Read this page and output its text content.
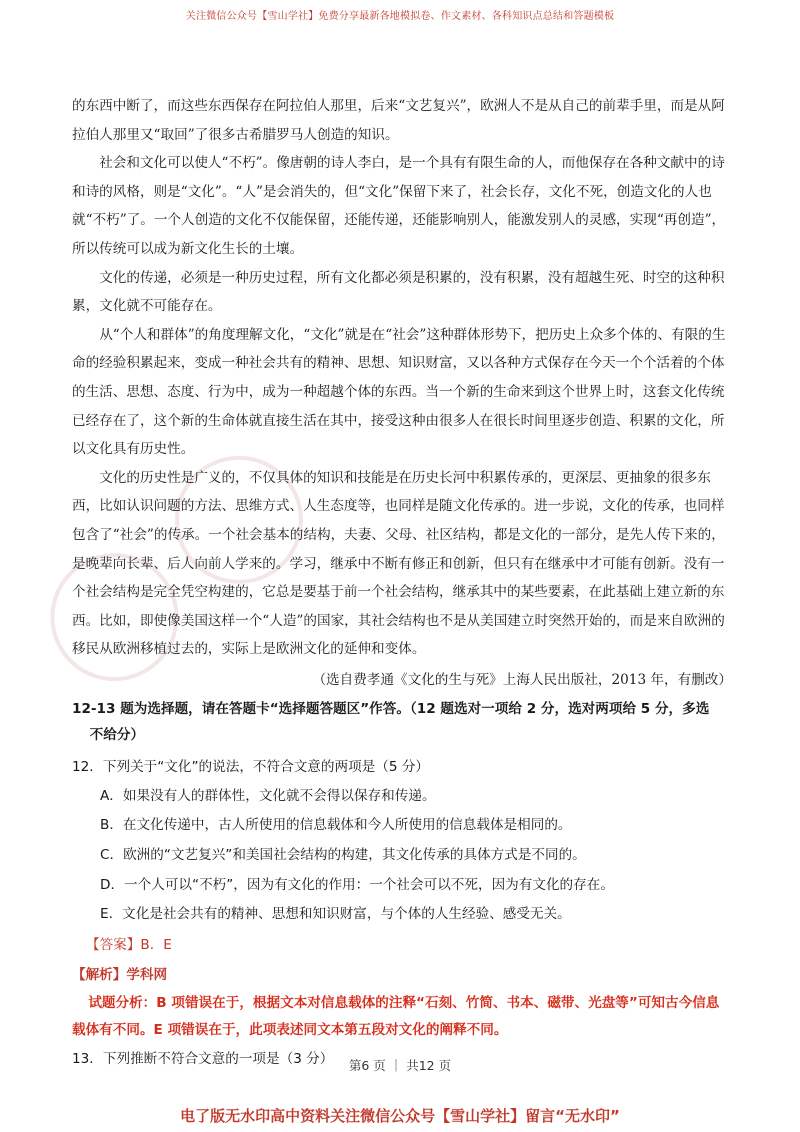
关注微信公众号【雪山学社】免费分享最新各地模拟卷、作文素材、各科知识点总结和答题模板

的东西中断了，而这些东西保存在阿拉伯人那里，后来“文艺复兴”，欧洲人不是从自己的前辈手里，而是从阿拉伯人那里又“取回”了很多古希腊罗马人创造的知识。

社会和文化可以使人“不朽”。像唐朝的诗人李白，是一个具有有限生命的人，而他保存在各种文献中的诗和诗的风格，则是“文化”。“人”是会消失的，但“文化”保留下来了，社会长存，文化不死，创造文化的人也就“不朽”了。一个人创造的文化不仅能保留，还能传递，还能影响别人，能激发别人的灵感，实现“再创造”，所以传统可以成为新文化生长的土壤。

文化的传递，必须是一种历史过程，所有文化都必须是积累的，没有积累，没有超越生死、时空的这种积累，文化就不可能存在。

从“个人和群体”的角度理解文化，“文化”就是在“社会”这种群体形势下，把历史上众多个体的、有限的生命的经验积累起来，变成一种社会共有的精神、思想、知识财富，又以各种方式保存在今天一个个活着的个体的生活、思想、态度、行为中，成为一种超越个体的东西。当一个新的生命来到这个世界上时，这套文化传统已经存在了，这个新的生命体就直接生活在其中，接受这种由很多人在很长时间里逐步创造、积累的文化，所以文化具有历史性。

文化的历史性是广义的，不仅具体的知识和技能是在历史长河中积累传承的，更深层、更抽象的很多东西，比如认识问题的方法、思维方式、人生态度等，也同样是随文化传承的。进一步说，文化的传承，也同样包含了“社会”的传承。一个社会基本的结构，夫妻、父母、社区结构，都是文化的一部分，是先人传下来的，是晚辈向长辈、后人向前人学来的。学习，继承中不断有修正和创新，但只有在继承中才可能有创新。没有一个社会结构是完全凭空构建的，它总是要基于前一个社会结构，继承其中的某些要素，在此基础上建立新的东西。比如，即使像美国这样一个“人造”的国家，其社会结构也不是从美国建立时突然开始的，而是来自欧洲的移民从欧洲移植过去的，实际上是欧洲文化的延伸和变体。

（选自费孝通《文化的生与死》上海人民出版社，2013 年，有删改）

12-13 题为选择题，请在答题卡“选择题答题区”作答。（12 题选对一项给 2 分，选对两项给 5 分，多选
不给分）

12．下列关于“文化”的说法，不符合文意的两项是（5 分）

A．如果没有人的群体性，文化就不会得以保存和传递。

B．在文化传递中，古人所使用的信息载体和今人所使用的信息载体是相同的。

C．欧洲的“文艺复兴”和美国社会结构的构建，其文化传承的具体方式是不同的。

D．一个人可以“不朽”，因为有文化的作用：一个社会可以不死，因为有文化的存在。

E．文化是社会共有的精神、思想和知识财富，与个体的人生经验、感受无关。

【答案】B．E

【解析】学科网

试题分析：B 项错误在于，根据文本对信息载体的注释“石刻、竹简、书本、磁带、光盘等”可知古今信息载体有不同。E 项错误在于，此项表述同文本第五段对文化的阐释不同。

13．下列推断不符合文意的一项是（3 分）	第6 页 ｜ 共12 页
电了版无水印高中资料关注微信公众号【雪山学社】留言“无水印”
